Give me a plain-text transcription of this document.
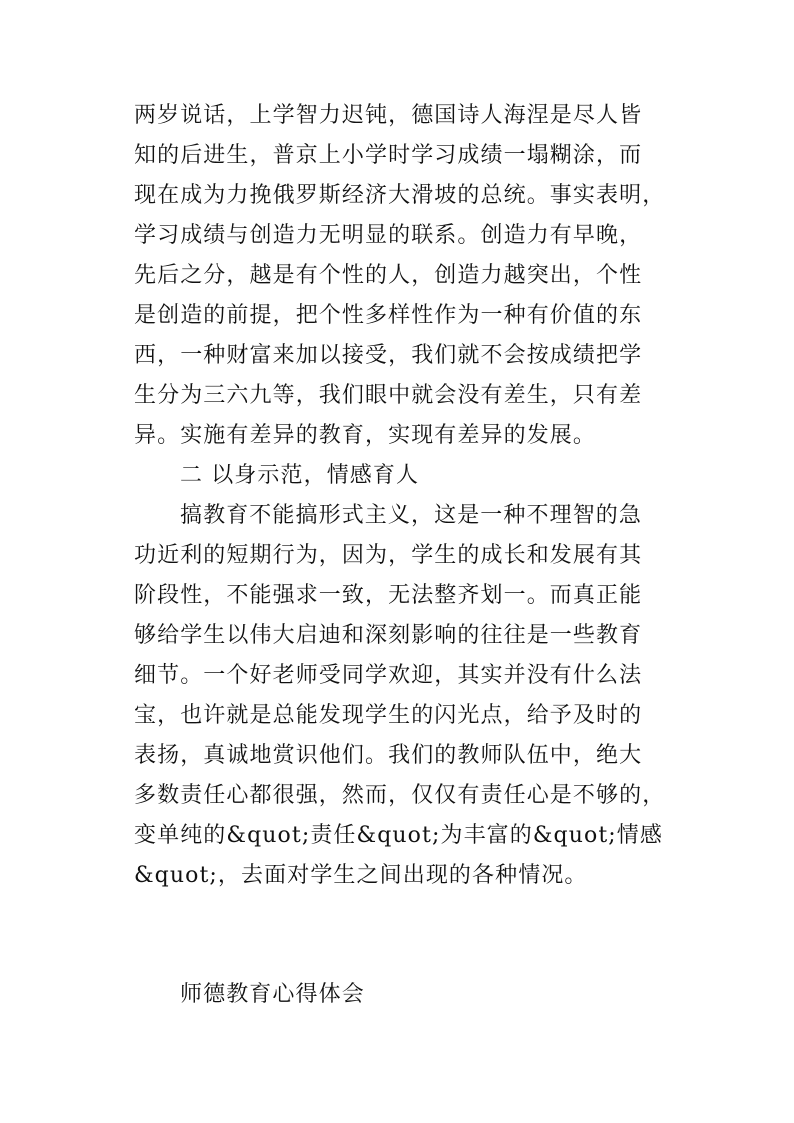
两岁说话，上学智力迟钝，德国诗人海涅是尽人皆
知的后进生，普京上小学时学习成绩一塌糊涂，而
现在成为力挽俄罗斯经济大滑坡的总统。事实表明，
学习成绩与创造力无明显的联系。创造力有早晚，
先后之分，越是有个性的人，创造力越突出，个性
是创造的前提，把个性多样性作为一种有价值的东
西，一种财富来加以接受，我们就不会按成绩把学
生分为三六九等，我们眼中就会没有差生，只有差
异。实施有差异的教育，实现有差异的发展。
二 以身示范，情感育人
搞教育不能搞形式主义，这是一种不理智的急
功近利的短期行为，因为，学生的成长和发展有其
阶段性，不能强求一致，无法整齐划一。而真正能
够给学生以伟大启迪和深刻影响的往往是一些教育
细节。一个好老师受同学欢迎，其实并没有什么法
宝，也许就是总能发现学生的闪光点，给予及时的
表扬，真诚地赏识他们。我们的教师队伍中，绝大
多数责任心都很强，然而，仅仅有责任心是不够的，
变单纯的&quot;责任&quot;为丰富的&quot;情感
&quot;，去面对学生之间出现的各种情况。
师德教育心得体会
